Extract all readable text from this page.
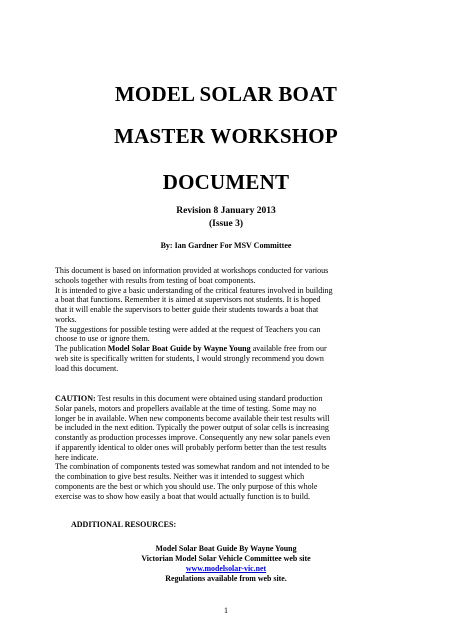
MODEL SOLAR BOAT
MASTER WORKSHOP
DOCUMENT
Revision 8 January 2013
(Issue 3)
By: Ian Gardner For MSV Committee
This document is based on information provided at workshops conducted for various
schools together with results from testing of boat components.
It is intended to give a basic understanding of the critical features involved in building
a boat that functions. Remember it is aimed at supervisors not students. It is hoped
that it will enable the supervisors to better guide their students towards a boat that
works.
The suggestions for possible testing were added at the request of Teachers you can
choose to use or ignore them.
The publication Model Solar Boat Guide by Wayne Young available free from our
web site is specifically written for students, I would strongly recommend you down
load this document.
CAUTION: Test results in this document were obtained using standard production
Solar panels, motors and propellers available at the time of testing. Some may no
longer be in available. When new components become available their test results will
be included in the next edition. Typically the power output of solar cells is increasing
constantly as production processes improve. Consequently any new solar panels even
if apparently identical to older ones will probably perform better than the test results
here indicate.
The combination of components tested was somewhat random and not intended to be
the combination to give best results. Neither was it intended to suggest which
components are the best or which you should use. The only purpose of this whole
exercise was to show how easily a boat that would actually function is to build.
ADDITIONAL RESOURCES:
Model Solar Boat Guide By Wayne Young
Victorian Model Solar Vehicle Committee web site
www.modelsolar-vic.net
Regulations available from web site.
1
